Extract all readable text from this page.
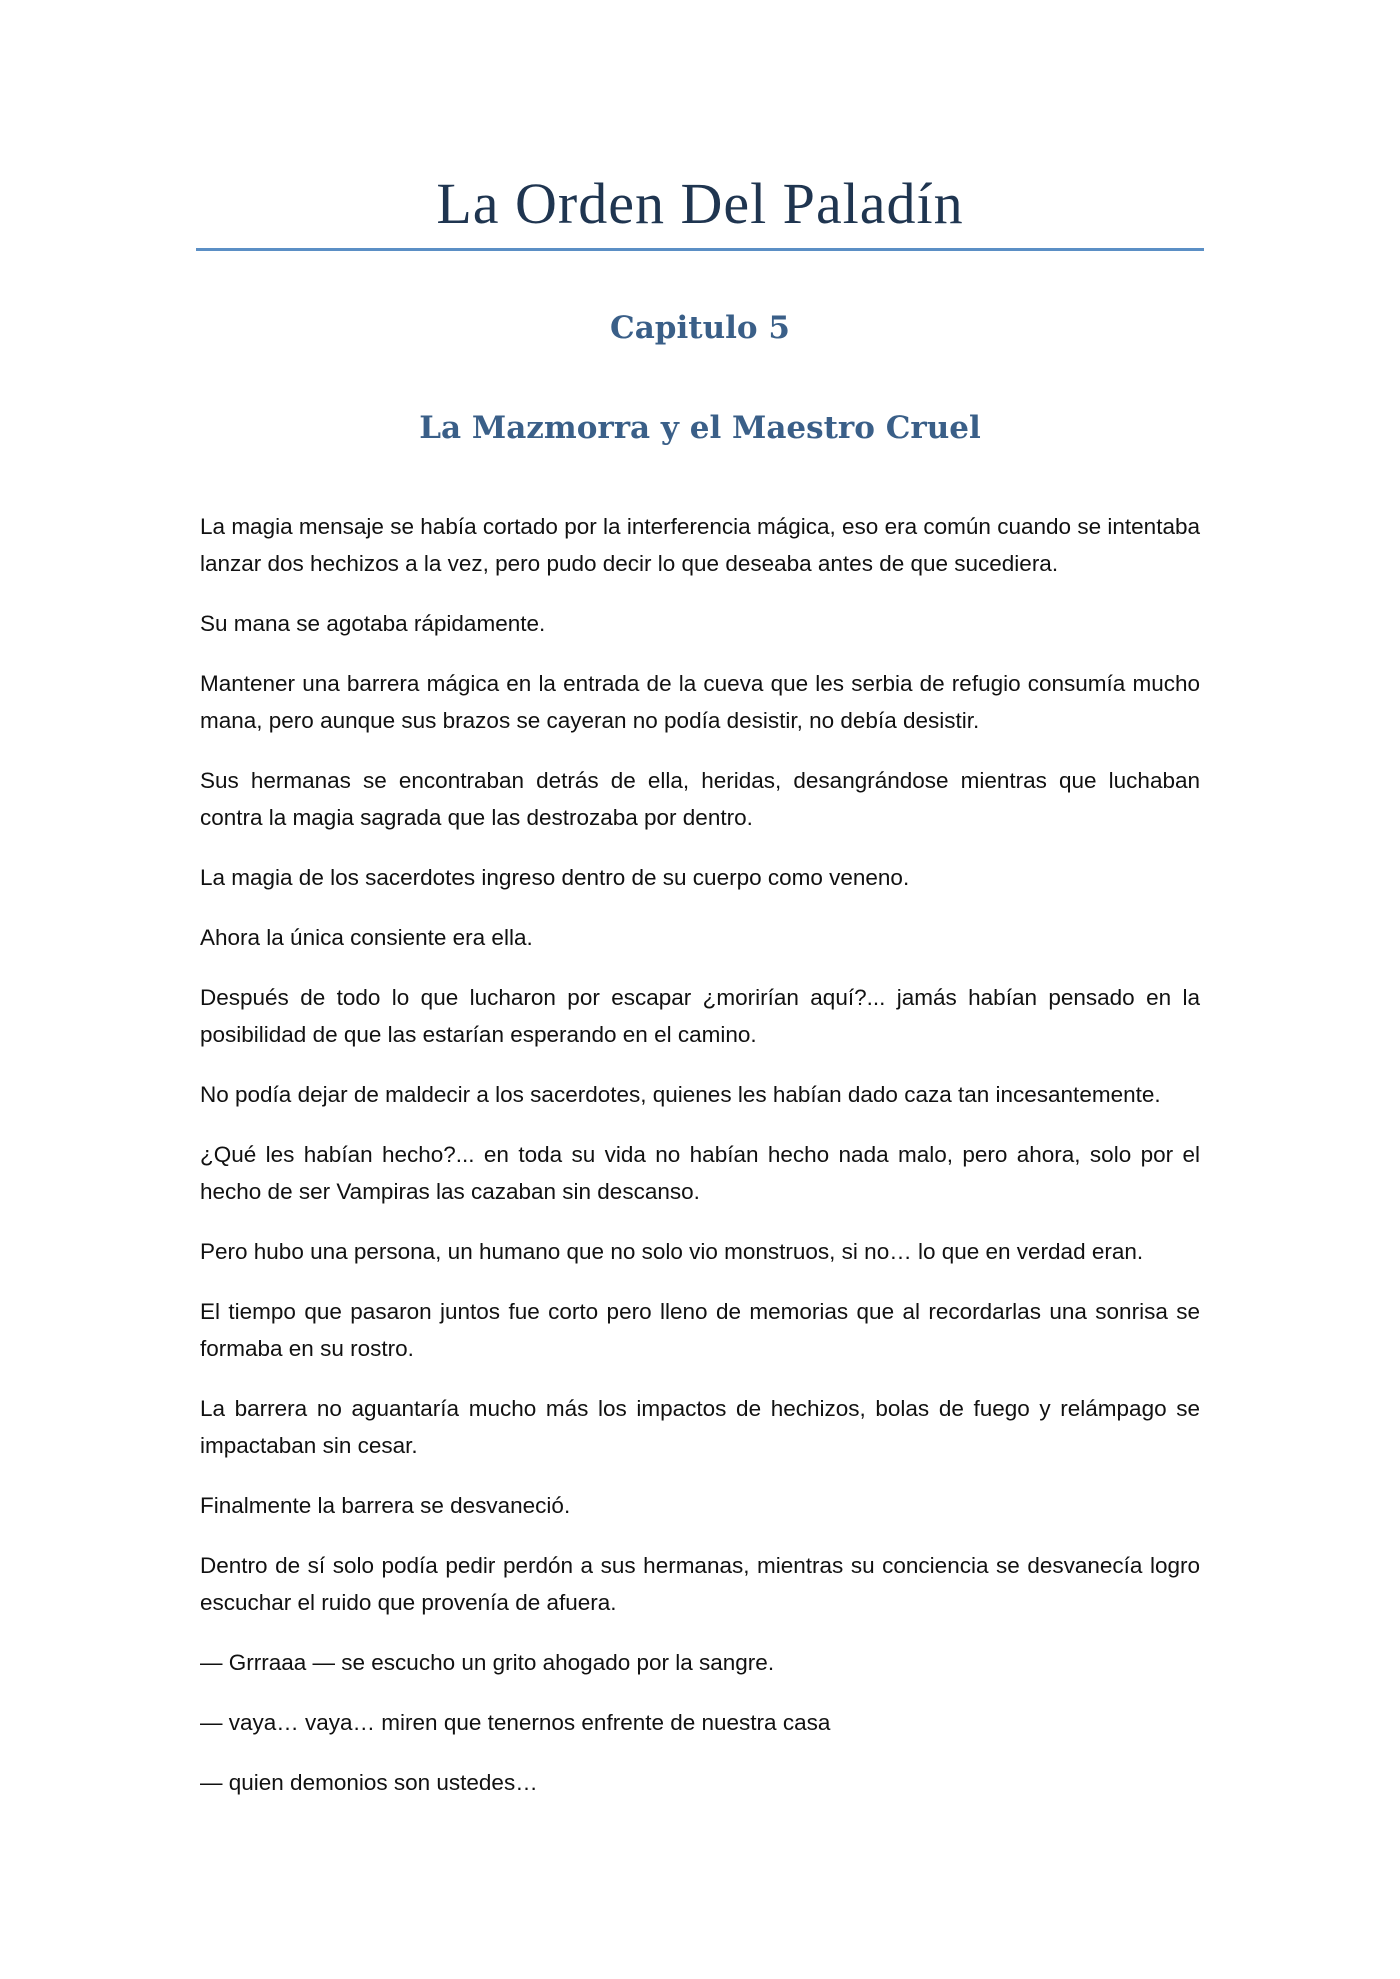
La Orden Del Paladín
Capitulo 5
La Mazmorra y el Maestro Cruel

La magia mensaje se había cortado por la interferencia mágica, eso era común cuando se intentaba lanzar dos hechizos a la vez, pero pudo decir lo que deseaba antes de que sucediera.

Su mana se agotaba rápidamente.

Mantener una barrera mágica en la entrada de la cueva que les serbia de refugio consumía mucho mana, pero aunque sus brazos se cayeran no podía desistir, no debía desistir.

Sus hermanas se encontraban detrás de ella, heridas, desangrándose mientras que luchaban contra la magia sagrada que las destrozaba por dentro.

La magia de los sacerdotes ingreso dentro de su cuerpo como veneno.

Ahora la única consiente era ella.

Después de todo lo que lucharon por escapar ¿morirían aquí?... jamás habían pensado en la posibilidad de que las estarían esperando en el camino.

No podía dejar de maldecir a los sacerdotes, quienes les habían dado caza tan incesantemente.

¿Qué les habían hecho?... en toda su vida no habían hecho nada malo, pero ahora, solo por el hecho de ser Vampiras las cazaban sin descanso.

Pero hubo una persona, un humano que no solo vio monstruos, si no… lo que en verdad eran.

El tiempo que pasaron juntos fue corto pero lleno de memorias que al recordarlas una sonrisa se formaba en su rostro.

La barrera no aguantaría mucho más los impactos de hechizos, bolas de fuego y relámpago se impactaban sin cesar.

Finalmente la barrera se desvaneció.

Dentro de sí solo podía pedir perdón a sus hermanas, mientras su conciencia se desvanecía logro escuchar el ruido que provenía de afuera.

— Grrraaa — se escucho un grito ahogado por la sangre.

— vaya… vaya… miren que tenernos enfrente de nuestra casa

— quien demonios son ustedes…
